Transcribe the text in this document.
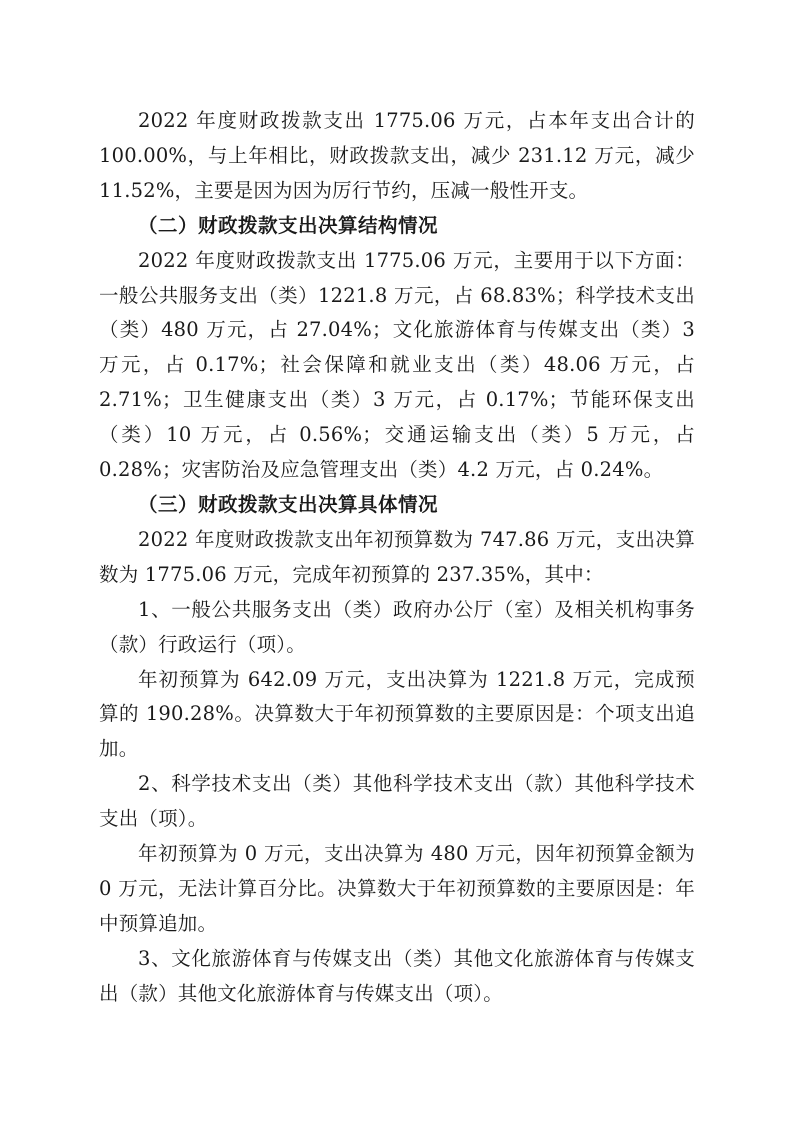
2022 年度财政拨款支出 1775.06 万元，占本年支出合计的 100.00%，与上年相比，财政拨款支出，减少 231.12 万元，减少 11.52%，主要是因为因为厉行节约，压减一般性开支。

（二）财政拨款支出决算结构情况

2022 年度财政拨款支出 1775.06 万元，主要用于以下方面：一般公共服务支出（类）1221.8 万元，占 68.83%；科学技术支出（类）480 万元，占 27.04%；文化旅游体育与传媒支出（类）3 万元，占 0.17%；社会保障和就业支出（类）48.06 万元，占 2.71%；卫生健康支出（类）3 万元，占 0.17%；节能环保支出（类）10 万元，占 0.56%；交通运输支出（类）5 万元，占 0.28%；灾害防治及应急管理支出（类）4.2 万元，占 0.24%。

（三）财政拨款支出决算具体情况

2022 年度财政拨款支出年初预算数为 747.86 万元，支出决算数为 1775.06 万元，完成年初预算的 237.35%，其中：

1、一般公共服务支出（类）政府办公厅（室）及相关机构事务（款）行政运行（项）。

年初预算为 642.09 万元，支出决算为 1221.8 万元，完成预算的 190.28%。决算数大于年初预算数的主要原因是：个项支出追加。

2、科学技术支出（类）其他科学技术支出（款）其他科学技术支出（项）。

年初预算为 0 万元，支出决算为 480 万元，因年初预算金额为 0 万元，无法计算百分比。决算数大于年初预算数的主要原因是：年中预算追加。

3、文化旅游体育与传媒支出（类）其他文化旅游体育与传媒支出（款）其他文化旅游体育与传媒支出（项）。
